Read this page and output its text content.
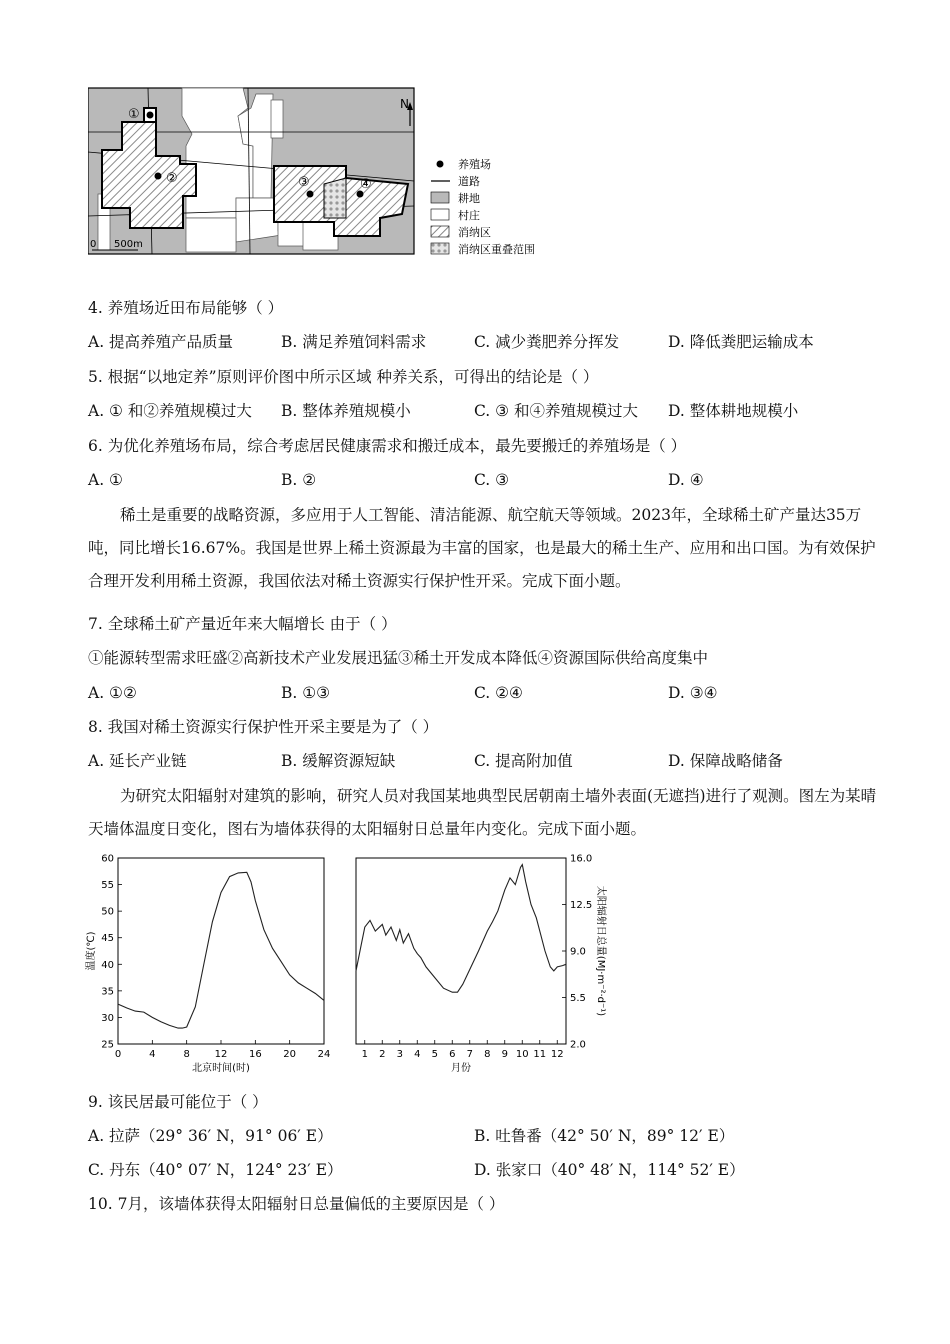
①
②	③	④
N
0 500m
养殖场
道路
耕地
村庄
消纳区
消纳区重叠范围
4. 养殖场近田布局能够（ ）
A. 提高养殖产品质量	B. 满足养殖饲料需求	C. 减少粪肥养分挥发	D. 降低粪肥运输成本
5. 根据“以地定养”原则评价图中所示区域 种养关系，可得出的结论是（ ）
A. ① 和②养殖规模过大 B. 整体养殖规模小	C. ③ 和④养殖规模过大 D. 整体耕地规模小
6. 为优化养殖场布局，综合考虑居民健康需求和搬迁成本，最先要搬迁的养殖场是（ ）
A. ①	B. ②	C. ③	D. ④
稀土是重要的战略资源，多应用于人工智能、清洁能源、航空航天等领域。2023年，全球稀土矿产量达35万吨，同比增长16.67%。我国是世界上稀土资源最为丰富的国家，也是最大的稀土生产、应用和出口国。为有效保护合理开发利用稀土资源，我国依法对稀土资源实行保护性开采。完成下面小题。
7. 全球稀土矿产量近年来大幅增长 由于（ ）
①能源转型需求旺盛②高新技术产业发展迅猛③稀土开发成本降低④资源国际供给高度集中
A. ①②	B. ①③	C. ②④	D. ③④
8. 我国对稀土资源实行保护性开采主要是为了（ ）
A. 延长产业链	B. 缓解资源短缺	C. 提高附加值	D. 保障战略储备
为研究太阳辐射对建筑的影响，研究人员对我国某地典型民居朝南土墙外表面(无遮挡)进行了观测。图左为某晴天墙体温度日变化，图右为墙体获得的太阳辐射日总量年内变化。完成下面小题。
0	4	8 12 16 20 24
25
30
35
40
45
50
55
60
北京时间(时)
温度(℃)
1 2 3 4 5 6 7 8 9 10 11 12
2.0
5.5
9.0
12.5
16.0
月份
太阳辐射日总量(MJ·m⁻²·d⁻¹)
9. 该民居最可能位于（ ）
A. 拉萨（29° 36′ N，91° 06′ E）	B. 吐鲁番（42° 50′ N，89° 12′ E）
C. 丹东（40° 07′ N，124° 23′ E）	D. 张家口（40° 48′ N，114° 52′ E）
10. 7月，该墙体获得太阳辐射日总量偏低的主要原因是（ ）
